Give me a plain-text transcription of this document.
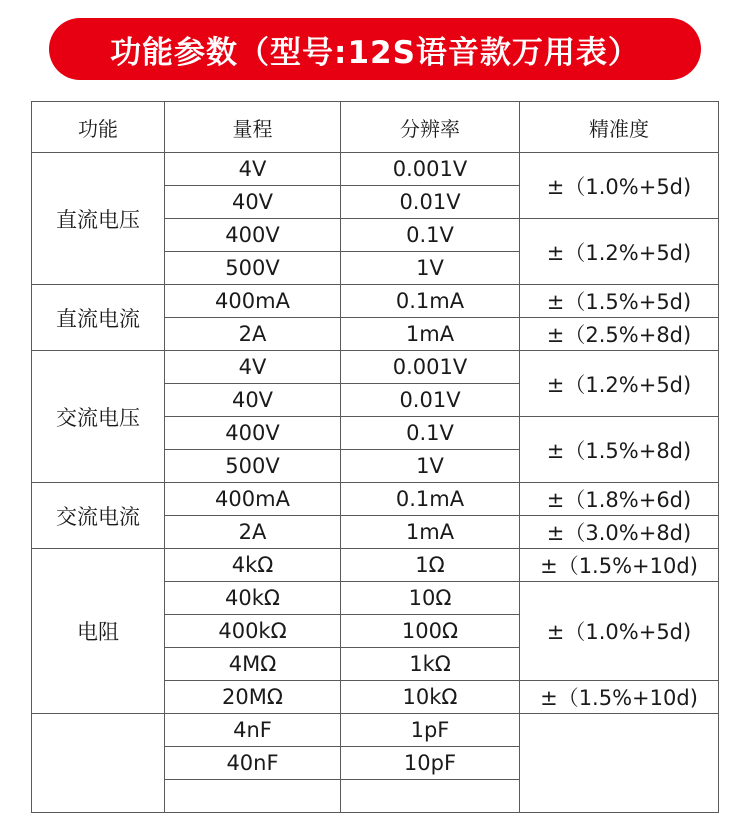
功能参数（型号:12S语音款万用表）
功能	量程	分辨率	精准度
直流电压	4V	0.001V	±（1.0%+5d)
	40V	0.01V	
	400V	0.1V	±（1.2%+5d)
	500V	1V	
直流电流	400mA	0.1mA	±（1.5%+5d)
	2A	1mA	±（2.5%+8d)
交流电压	4V	0.001V	±（1.2%+5d)
	40V	0.01V	
	400V	0.1V	±（1.5%+8d)
	500V	1V	
交流电流	400mA	0.1mA	±（1.8%+6d)
	2A	1mA	±（3.0%+8d)
电阻	4kΩ	1Ω	±（1.5%+10d)
	40kΩ	10Ω	±（1.0%+5d)
	400kΩ	100Ω	
	4MΩ	1kΩ	
	20MΩ	10kΩ	±（1.5%+10d)
	4nF	1pF	
	40nF	10pF	
